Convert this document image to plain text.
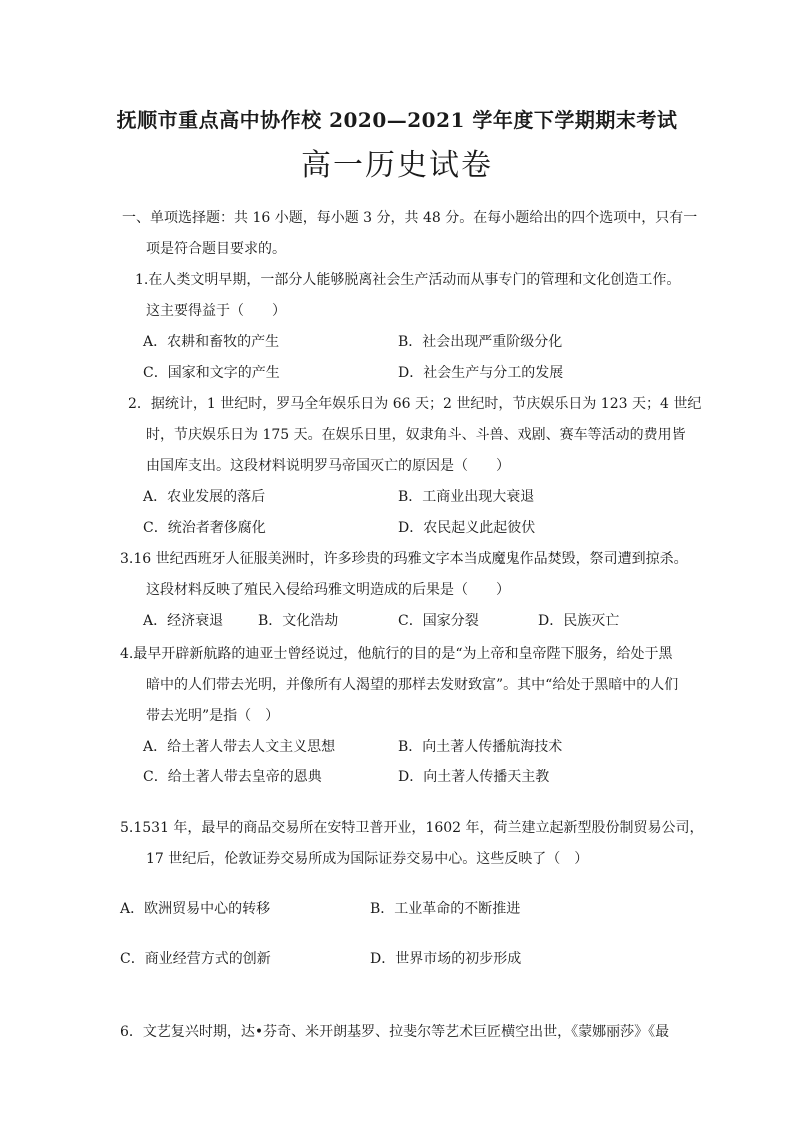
抚顺市重点高中协作校 2020—2021 学年度下学期期末考试
高一历史试卷
一、单项选择题：共 16 小题，每小题 3 分，共 48 分。在每小题给出的四个选项中，只有一
项是符合题目要求的。
1.在人类文明早期，一部分人能够脱离社会生产活动而从事专门的管理和文化创造工作。
这主要得益于（　　）
A．农耕和畜牧的产生	B．社会出现严重阶级分化
C．国家和文字的产生	D．社会生产与分工的发展
2．据统计，1 世纪时，罗马全年娱乐日为 66 天；2 世纪时，节庆娱乐日为 123 天；4 世纪
时，节庆娱乐日为 175 天。在娱乐日里，奴隶角斗、斗兽、戏剧、赛车等活动的费用皆
由国库支出。这段材料说明罗马帝国灭亡的原因是（　　）
A．农业发展的落后	B．工商业出现大衰退
C．统治者奢侈腐化	D．农民起义此起彼伏
3.16 世纪西班牙人征服美洲时，许多珍贵的玛雅文字本当成魔鬼作品焚毁，祭司遭到掠杀。
这段材料反映了殖民入侵给玛雅文明造成的后果是（　　）
A．经济衰退 B．文化浩劫	C．国家分裂	D．民族灭亡
4.最早开辟新航路的迪亚士曾经说过，他航行的目的是“为上帝和皇帝陛下服务，给处于黑
暗中的人们带去光明，并像所有人渴望的那样去发财致富”。其中“给处于黑暗中的人们
带去光明”是指（　）
A．给土著人带去人文主义思想	B．向土著人传播航海技术
C．给土著人带去皇帝的恩典	D．向土著人传播天主教
5.1531 年，最早的商品交易所在安特卫普开业，1602 年，荷兰建立起新型股份制贸易公司，
17 世纪后，伦敦证券交易所成为国际证券交易中心。这些反映了（　）
A．欧洲贸易中心的转移	B．工业革命的不断推进
C．商业经营方式的创新	D．世界市场的初步形成
6．文艺复兴时期，达•芬奇、米开朗基罗、拉斐尔等艺术巨匠横空出世，《蒙娜丽莎》《最
